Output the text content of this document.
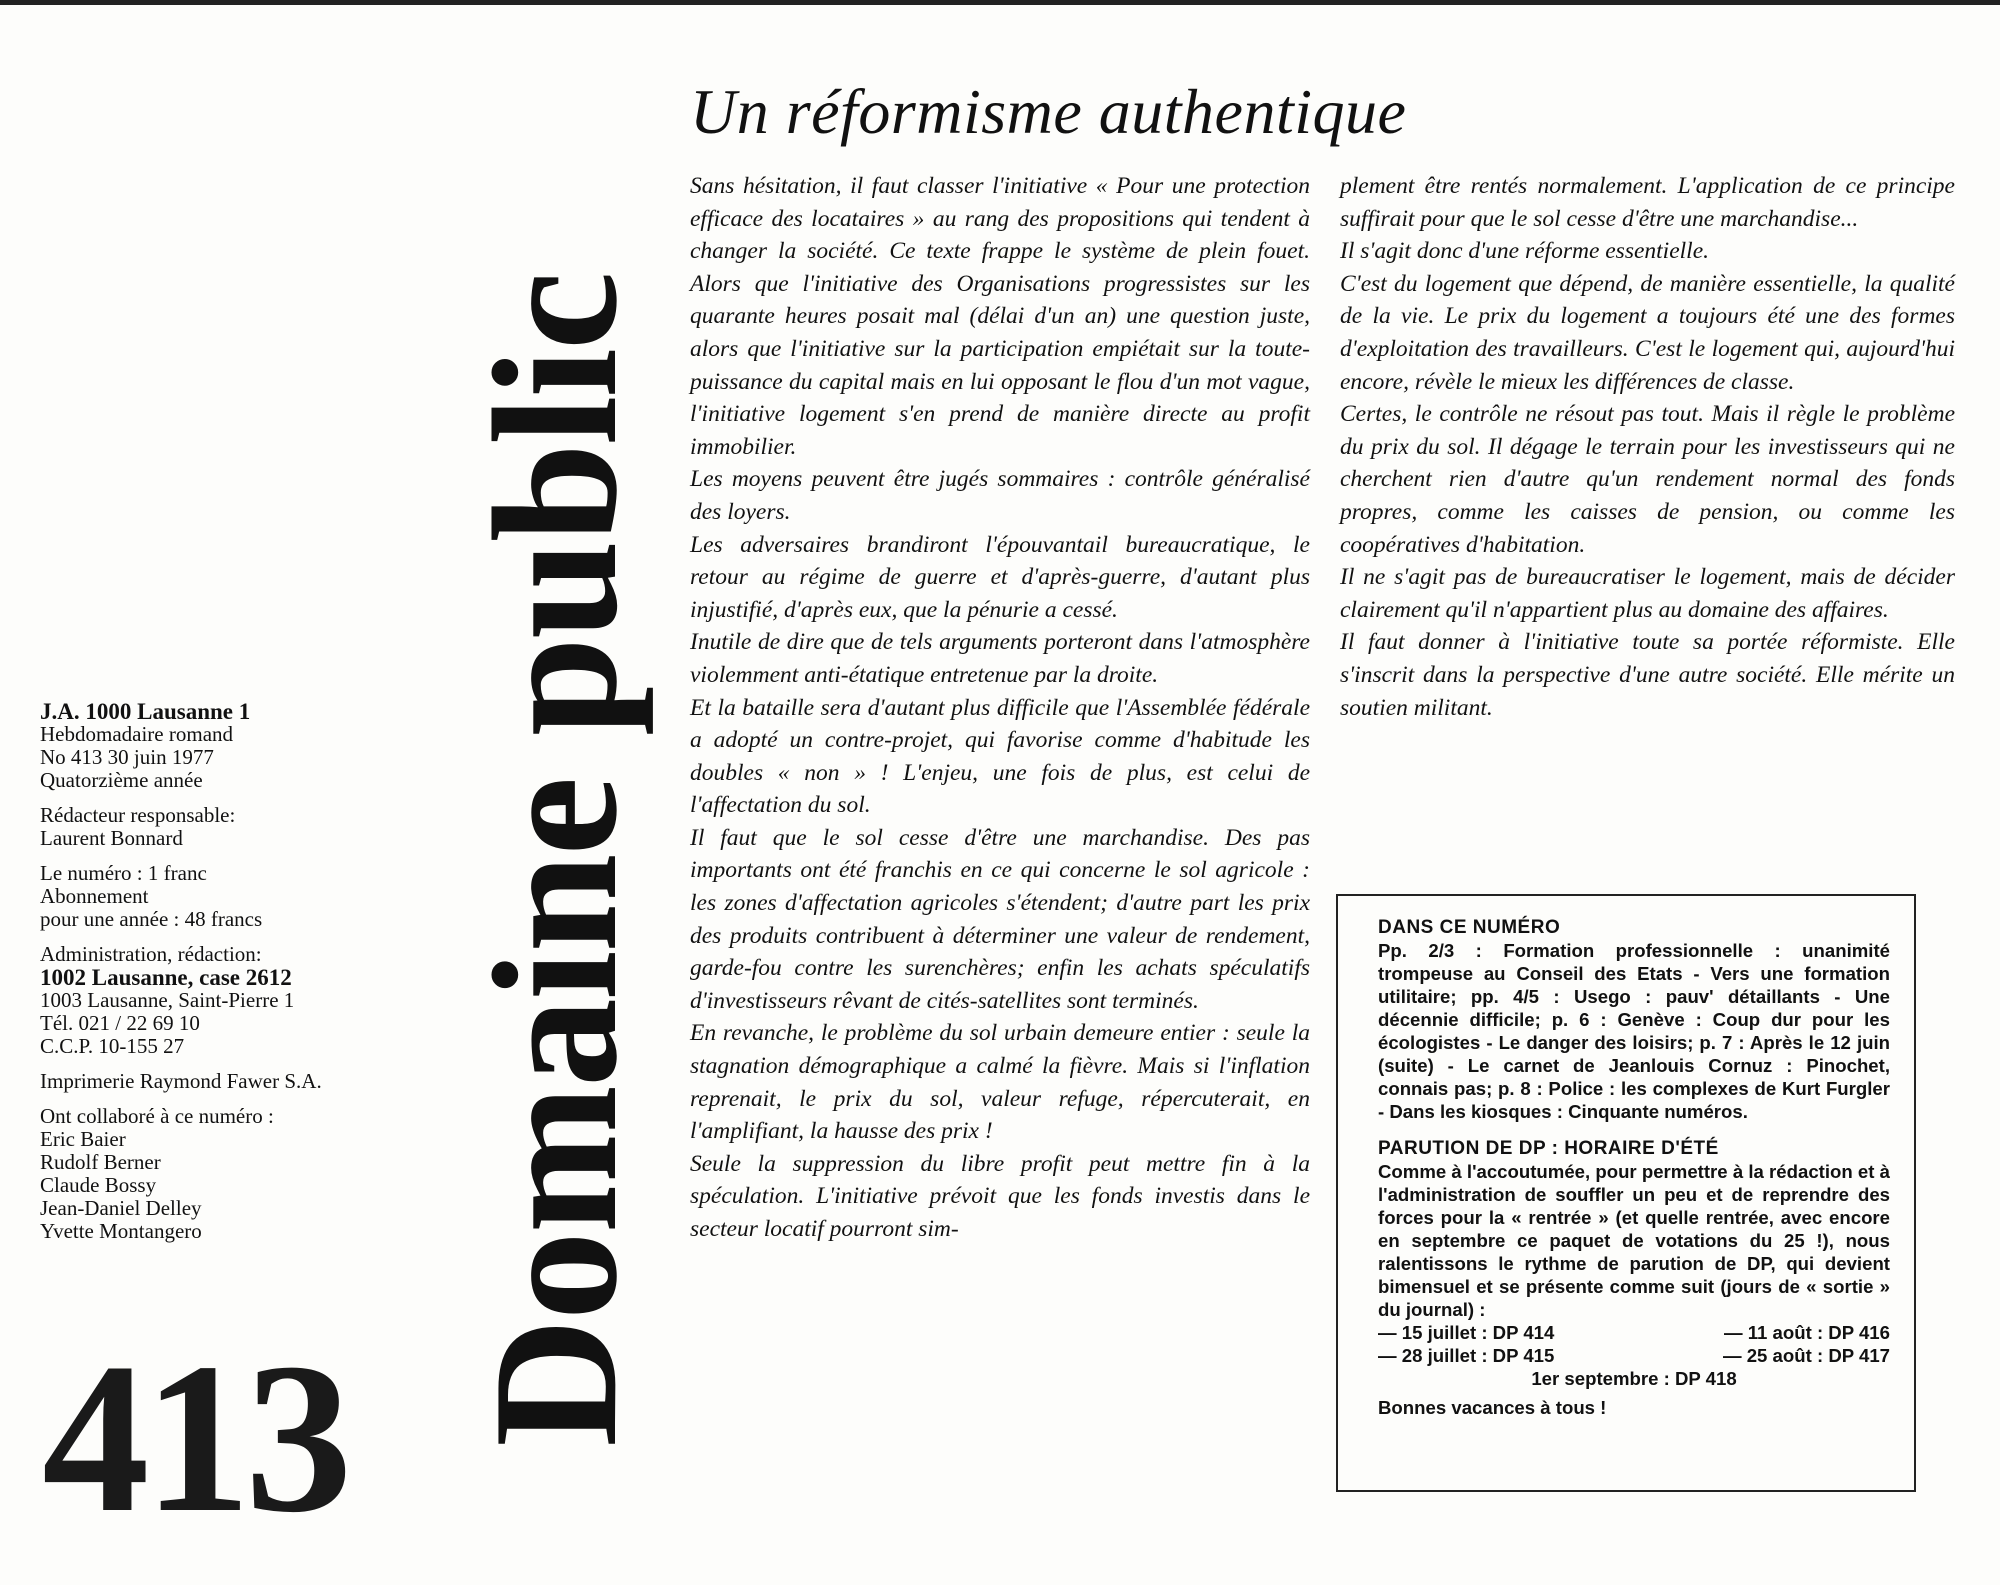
J.A. 1000 Lausanne 1
Hebdomadaire romand
No 413 30 juin 1977
Quatorzième année
Rédacteur responsable:
Laurent Bonnard
Le numéro : 1 franc
Abonnement
pour une année : 48 francs
Administration, rédaction:
1002 Lausanne, case 2612
1003 Lausanne, Saint-Pierre 1
Tél. 021 / 22 69 10
C.C.P. 10-155 27
Imprimerie Raymond Fawer S.A.
Ont collaboré à ce numéro :
Eric Baier
Rudolf Berner
Claude Bossy
Jean-Daniel Delley
Yvette Montangero
413 Domaine public
Un réformisme authentique

Sans hésitation, il faut classer l'initiative « Pour une protection efficace des locataires » au rang des propositions qui tendent à changer la société. Ce texte frappe le système de plein fouet. Alors que l'initiative des Organisations progressistes sur les quarante heures posait mal (délai d'un an) une question juste, alors que l'initiative sur la participation empiétait sur la toute-puissance du capital mais en lui opposant le flou d'un mot vague, l'initiative logement s'en prend de manière directe au profit immobilier.

Les moyens peuvent être jugés sommaires : contrôle généralisé des loyers.

Les adversaires brandiront l'épouvantail bureaucratique, le retour au régime de guerre et d'après-guerre, d'autant plus injustifié, d'après eux, que la pénurie a cessé.

Inutile de dire que de tels arguments porteront dans l'atmosphère violemment anti-étatique entretenue par la droite.

Et la bataille sera d'autant plus difficile que l'Assemblée fédérale a adopté un contre-projet, qui favorise comme d'habitude les doubles « non » ! L'enjeu, une fois de plus, est celui de l'affectation du sol.

Il faut que le sol cesse d'être une marchandise. Des pas importants ont été franchis en ce qui concerne le sol agricole : les zones d'affectation agricoles s'étendent; d'autre part les prix des produits contribuent à déterminer une valeur de rendement, garde-fou contre les surenchères; enfin les achats spéculatifs d'investisseurs rêvant de cités-satellites sont terminés.

En revanche, le problème du sol urbain demeure entier : seule la stagnation démographique a calmé la fièvre. Mais si l'inflation reprenait, le prix du sol, valeur refuge, répercuterait, en l'amplifiant, la hausse des prix !

Seule la suppression du libre profit peut mettre fin à la spéculation. L'initiative prévoit que les fonds investis dans le secteur locatif pourront sim-

plement être rentés normalement. L'application de ce principe suffirait pour que le sol cesse d'être une marchandise...

Il s'agit donc d'une réforme essentielle.

C'est du logement que dépend, de manière essentielle, la qualité de la vie. Le prix du logement a toujours été une des formes d'exploitation des travailleurs. C'est le logement qui, aujourd'hui encore, révèle le mieux les différences de classe.

Certes, le contrôle ne résout pas tout. Mais il règle le problème du prix du sol. Il dégage le terrain pour les investisseurs qui ne cherchent rien d'autre qu'un rendement normal des fonds propres, comme les caisses de pension, ou comme les coopératives d'habitation.

Il ne s'agit pas de bureaucratiser le logement, mais de décider clairement qu'il n'appartient plus au domaine des affaires.

Il faut donner à l'initiative toute sa portée réformiste. Elle s'inscrit dans la perspective d'une autre société. Elle mérite un soutien militant.

DANS CE NUMÉRO

Pp. 2/3 : Formation professionnelle : unanimité trompeuse au Conseil des Etats - Vers une formation utilitaire; pp. 4/5 : Usego : pauv' détaillants - Une décennie difficile; p. 6 : Genève : Coup dur pour les écologistes - Le danger des loisirs; p. 7 : Après le 12 juin (suite) - Le carnet de Jeanlouis Cornuz : Pinochet, connais pas; p. 8 : Police : les complexes de Kurt Furgler - Dans les kiosques : Cinquante numéros.

PARUTION DE DP : HORAIRE D'ÉTÉ

Comme à l'accoutumée, pour permettre à la rédaction et à l'administration de souffler un peu et de reprendre des forces pour la « rentrée » (et quelle rentrée, avec encore en septembre ce paquet de votations du 25 !), nous ralentissons le rythme de parution de DP, qui devient bimensuel et se présente comme suit (jours de « sortie » du journal) :

— 15 juillet : DP 414	— 11 août : DP 416
— 28 juillet : DP 415	— 25 août : DP 417
1er septembre : DP 418
Bonnes vacances à tous !
